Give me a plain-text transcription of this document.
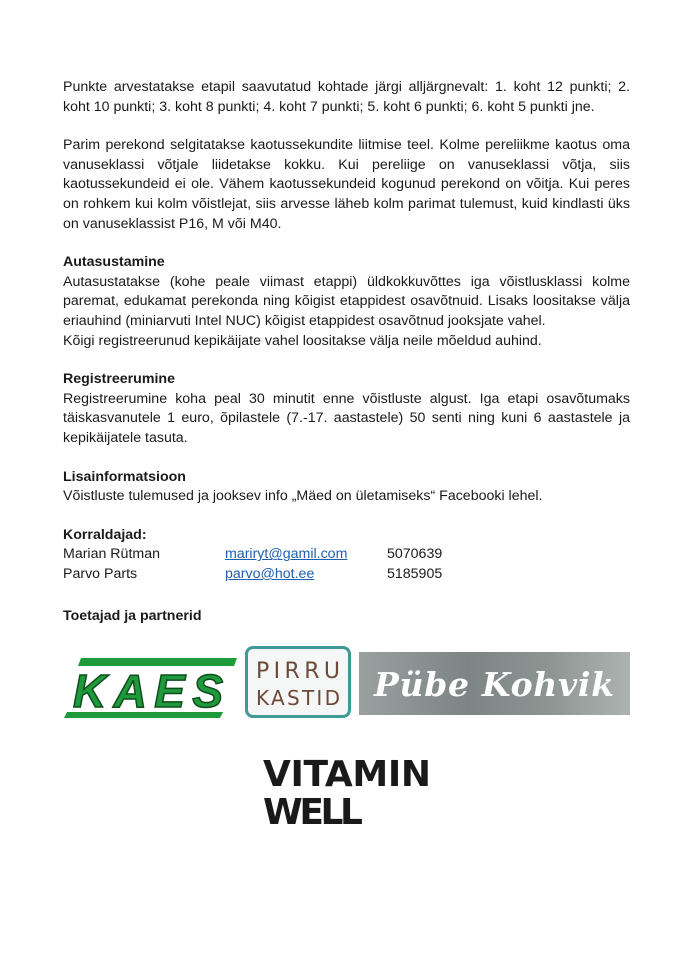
Punkte arvestatakse etapil saavutatud kohtade järgi alljärgnevalt: 1. koht 12 punkti; 2. koht 10 punkti; 3. koht 8 punkti; 4. koht 7 punkti; 5. koht 6 punkti; 6. koht 5 punkti jne.

Parim perekond selgitatakse kaotussekundite liitmise teel. Kolme pereliikme kaotus oma vanuseklassi võtjale liidetakse kokku. Kui pereliige on vanuseklassi võtja, siis kaotussekundeid ei ole. Vähem kaotussekundeid kogunud perekond on võitja. Kui peres on rohkem kui kolm võistlejat, siis arvesse läheb kolm parimat tulemust, kuid kindlasti üks on vanuseklassist P16, M või M40.

Autasustamine

Autasustatakse (kohe peale viimast etappi) üldkokkuvõttes iga võistlusklassi kolme paremat, edukamat perekonda ning kõigist etappidest osavõtnuid. Lisaks loositakse välja eriauhind (miniarvuti Intel NUC) kõigist etappidest osavõtnud jooksjate vahel.

Kõigi registreerunud kepikäijate vahel loositakse välja neile mõeldud auhind.

Registreerumine

Registreerumine koha peal 30 minutit enne võistluste algust. Iga etapi osavõtumaks täiskasvanutele 1 euro, õpilastele (7.-17. aastastele) 50 senti ning kuni 6 aastastele ja kepikäijatele tasuta.

Lisainformatsioon

Võistluste tulemused ja jooksev info „Mäed on ületamiseks“ Facebooki lehel.

Korraldajad:

Marian Rütman	mariryt@gamil.com	5070639
Parvo Parts	parvo@hot.ee	5185905
Toetajad ja partnerid
KAES PIRRU
KASTID Pübe Kohvik
VITAMIN
WELL
